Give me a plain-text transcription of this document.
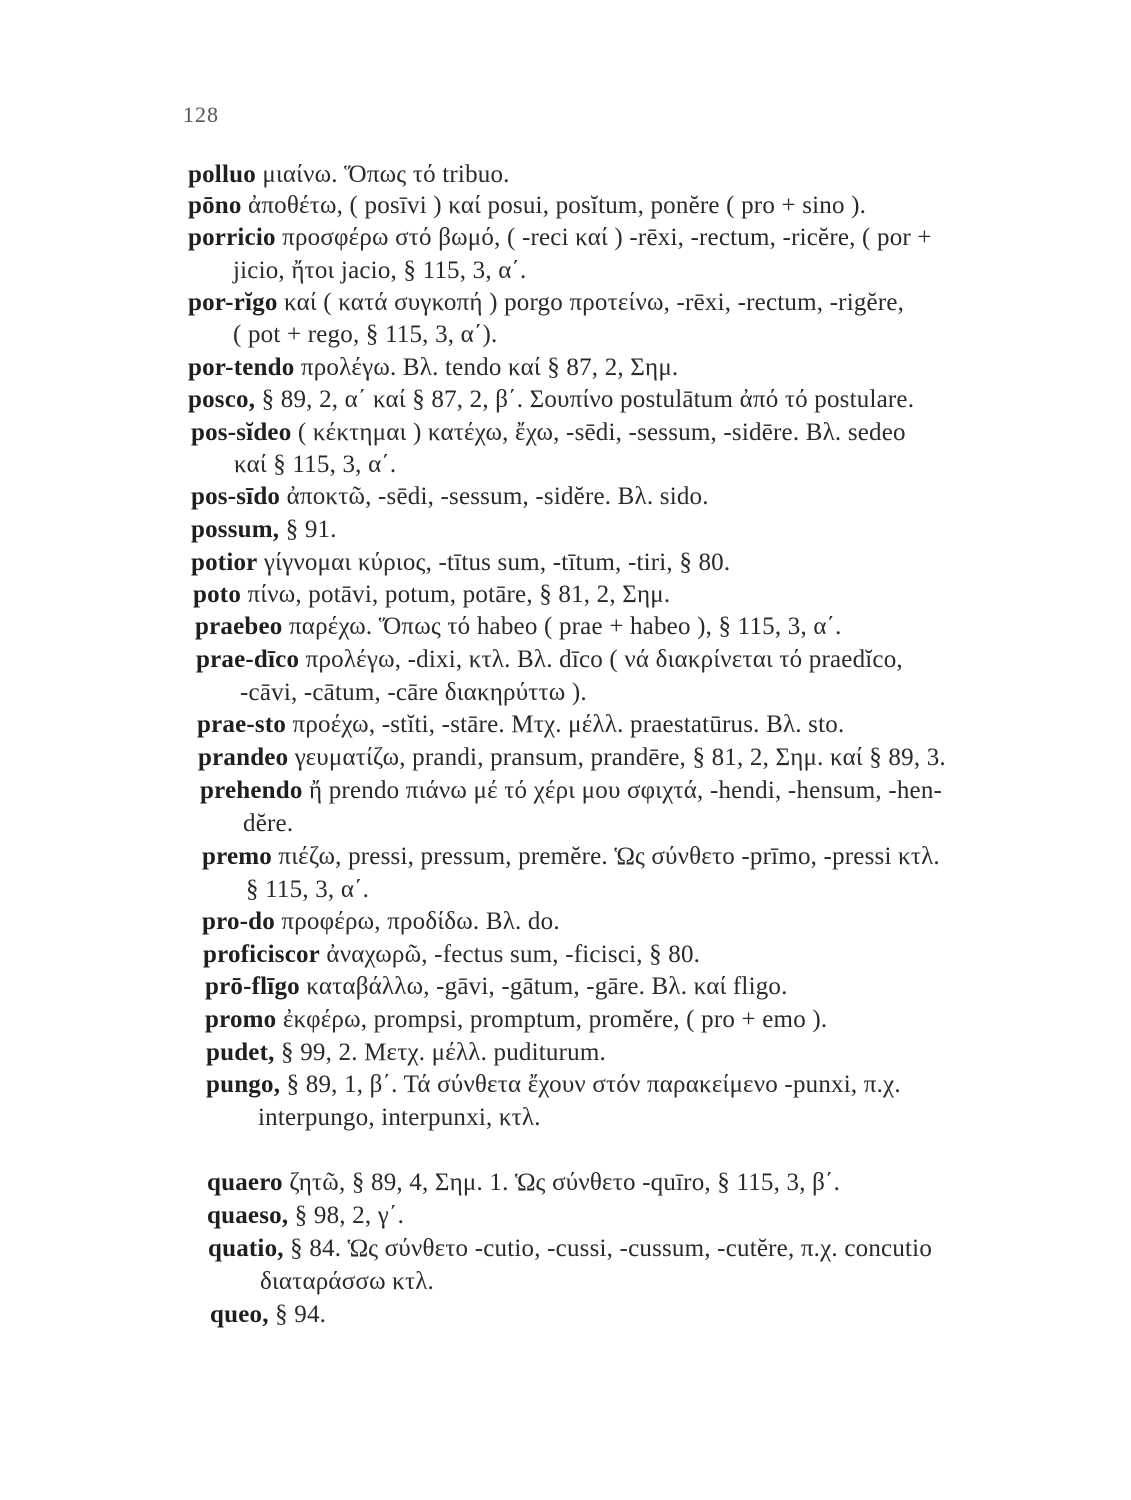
128
polluo μιαίνω. Ὅπως τό tribuo.
pōno ἀποθέτω, ( posīvi ) καί posui, posĭtum, ponĕre ( pro + sino ).
porricio προσφέρω στό βωμό, ( -reci καί ) -rēxi, -rectum, -ricĕre, ( por +
jicio, ἤτοι jacio, § 115, 3, α΄.
por-rĭgo καί ( κατά συγκοπή ) porgo προτείνω, -rēxi, -rectum, -rigĕre,
( pot + rego, § 115, 3, α΄).
por-tendo προλέγω. Βλ. tendo καί § 87, 2, Σημ.
posco, § 89, 2, α΄ καί § 87, 2, β΄. Σουπίνο postulātum ἀπό τό postulare.
pos-sĭdeo ( κέκτημαι ) κατέχω, ἔχω, -sēdi, -sessum, -sidēre. Βλ. sedeo
καί § 115, 3, α΄.
pos-sīdo ἀποκτῶ, -sēdi, -sessum, -sidĕre. Βλ. sido.
possum, § 91.
potior γίγνομαι κύριος, -tītus sum, -tītum, -tiri, § 80.
poto πίνω, potāvi, potum, potāre, § 81, 2, Σημ.
praebeo παρέχω. Ὅπως τό habeo ( prae + habeo ), § 115, 3, α΄.
prae-dīco προλέγω, -dixi, κτλ. Βλ. dīco ( νά διακρίνεται τό praedĭco,
-cāvi, -cātum, -cāre διακηρύττω ).
prae-sto προέχω, -stĭti, -stāre. Μτχ. μέλλ. praestatūrus. Βλ. sto.
prandeo γευματίζω, prandi, pransum, prandēre, § 81, 2, Σημ. καί § 89, 3.
prehendo ἤ prendo πιάνω μέ τό χέρι μου σφιχτά, -hendi, -hensum, -hen-
dĕre.
premo πιέζω, pressi, pressum, premĕre. Ὡς σύνθετο -prīmo, -pressi κτλ.
§ 115, 3, α΄.
pro-do προφέρω, προδίδω. Βλ. do.
proficiscor ἀναχωρῶ, -fectus sum, -ficisci, § 80.
prō-flīgo καταβάλλω, -gāvi, -gātum, -gāre. Βλ. καί fligo.
promo ἐκφέρω, prompsi, promptum, promĕre, ( pro + emo ).
pudet, § 99, 2. Μετχ. μέλλ. puditurum.
pungo, § 89, 1, β΄. Τά σύνθετα ἔχουν στόν παρακείμενο -punxi, π.χ.
interpungo, interpunxi, κτλ.
quaero ζητῶ, § 89, 4, Σημ. 1. Ὡς σύνθετο -quīro, § 115, 3, β΄.
quaeso, § 98, 2, γ΄.
quatio, § 84. Ὡς σύνθετο -cutio, -cussi, -cussum, -cutĕre, π.χ. concutio
διαταράσσω κτλ.
queo, § 94.
